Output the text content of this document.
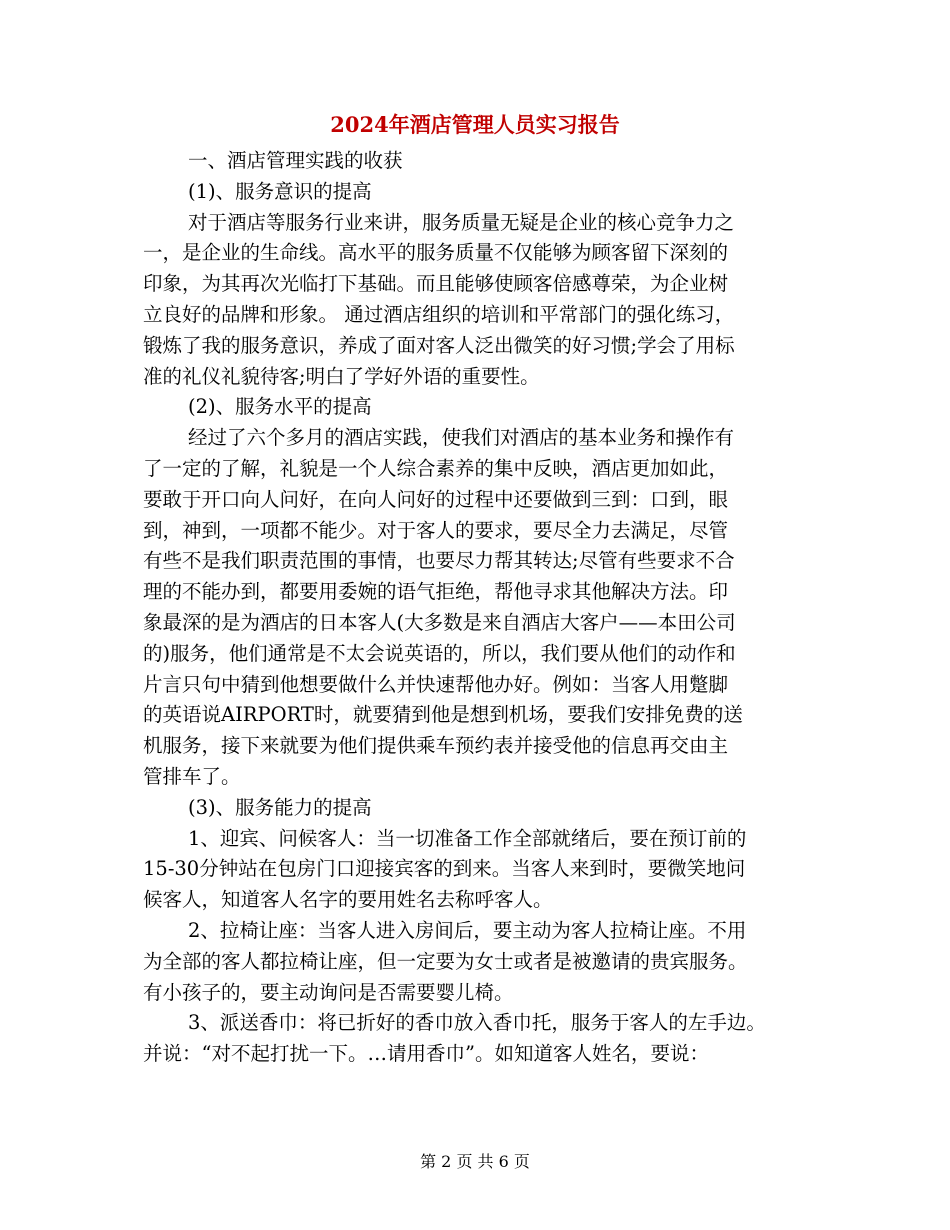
2024年酒店管理人员实习报告
一、酒店管理实践的收获
(1)、服务意识的提高
对于酒店等服务行业来讲，服务质量无疑是企业的核心竞争力之
一，是企业的生命线。高水平的服务质量不仅能够为顾客留下深刻的
印象，为其再次光临打下基础。而且能够使顾客倍感尊荣，为企业树
立良好的品牌和形象。 通过酒店组织的培训和平常部门的强化练习，
锻炼了我的服务意识，养成了面对客人泛出微笑的好习惯;学会了用标
准的礼仪礼貌待客;明白了学好外语的重要性。
(2)、服务水平的提高
经过了六个多月的酒店实践，使我们对酒店的基本业务和操作有
了一定的了解，礼貌是一个人综合素养的集中反映，酒店更加如此，
要敢于开口向人问好，在向人问好的过程中还要做到三到：口到，眼
到，神到，一项都不能少。对于客人的要求，要尽全力去满足，尽管
有些不是我们职责范围的事情，也要尽力帮其转达;尽管有些要求不合
理的不能办到，都要用委婉的语气拒绝，帮他寻求其他解决方法。印
象最深的是为酒店的日本客人(大多数是来自酒店大客户——本田公司
的)服务，他们通常是不太会说英语的，所以，我们要从他们的动作和
片言只句中猜到他想要做什么并快速帮他办好。例如：当客人用蹩脚
的英语说AIRPORT时，就要猜到他是想到机场，要我们安排免费的送
机服务，接下来就要为他们提供乘车预约表并接受他的信息再交由主
管排车了。
(3)、服务能力的提高
1、迎宾、问候客人：当一切准备工作全部就绪后，要在预订前的
15-30分钟站在包房门口迎接宾客的到来。当客人来到时，要微笑地问
候客人，知道客人名字的要用姓名去称呼客人。
2、拉椅让座：当客人进入房间后，要主动为客人拉椅让座。不用
为全部的客人都拉椅让座，但一定要为女士或者是被邀请的贵宾服务。
有小孩子的，要主动询问是否需要婴儿椅。
3、派送香巾：将已折好的香巾放入香巾托，服务于客人的左手边。
并说：“对不起打扰一下。…请用香巾”。如知道客人姓名，要说：
第 2 页 共 6 页
